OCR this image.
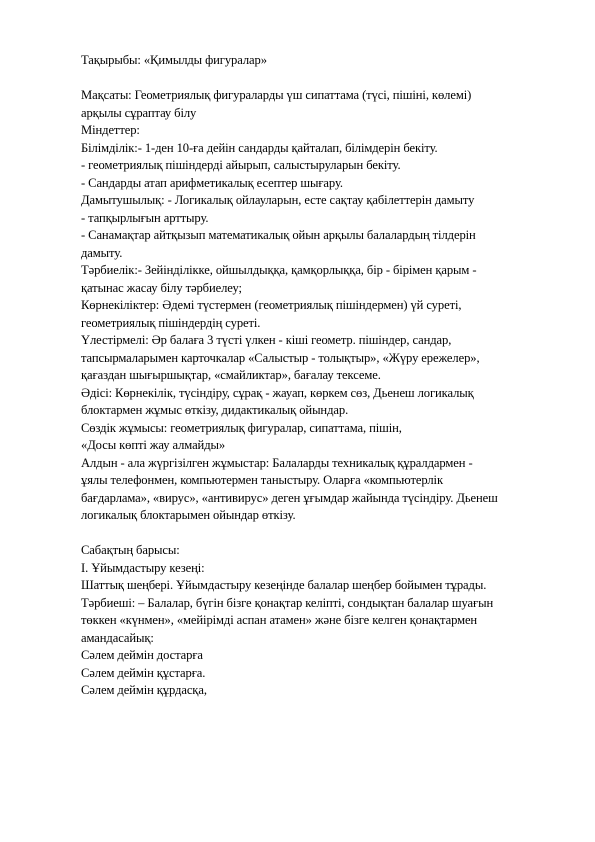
Тақырыбы: «Қимылды фигуралар»
Мақсаты: Геометриялық фигураларды үш сипаттама (түсі, пішіні, көлемі)
арқылы сұраптау білу
Міндеттер:
Білімділік:- 1-ден 10-ға дейін сандарды қайталап, білімдерін бекіту.
- геометриялық пішіндерді айырып, салыстыруларын бекіту.
- Сандарды атап арифметикалық есептер шығару.
Дамытушылық: - Логикалық ойлауларын, есте сақтау қабілеттерін дамыту
- тапқырлығын арттыру.
- Санамақтар айтқызып математикалық ойын арқылы балалардың тілдерін
дамыту.
Тәрбиелік:- Зейінділікке, ойшылдыққа, қамқорлыққа, бір - бірімен қарым -
қатынас жасау білу тәрбиелеу;
Көрнекіліктер: Әдемі түстермен (геометриялық пішіндермен) үй суреті,
геометриялық пішіндердің суреті.
Үлестірмелі: Әр балаға 3 түсті үлкен - кіші геометр. пішіндер, сандар,
тапсырмаларымен карточкалар «Салыстыр - толықтыр», «Жүру ережелер»,
қағаздан шығыршықтар, «смайликтар», бағалау тексеме.
Әдісі: Көрнекілік, түсіндіру, сұрақ - жауап, көркем сөз, Дьенеш логикалық
блоктармен жұмыс өткізу, дидактикалық ойындар.
Сөздік жұмысы: геометриялық фигуралар, сипаттама, пішін,
«Досы көпті жау алмайды»
Алдын - ала жүргізілген жұмыстар: Балаларды техникалық құралдармен -
ұялы телефонмен, компьютермен таныстыру. Оларға «компьютерлік
бағдарлама», «вирус», «антивирус» деген ұғымдар жайында түсіндіру. Дьенеш
логикалық блоктарымен ойындар өткізу.
Сабақтың барысы:
I. Ұйымдастыру кезеңі:
Шаттық шеңбері. Ұйымдастыру кезеңінде балалар шеңбер бойымен тұрады.
Тәрбиеші: – Балалар, бүгін бізге қонақтар келіпті, сондықтан балалар шуағын
төккен «күнмен», «мейірімді аспан атамен» және бізге келген қонақтармен
амандасайық:
Сәлем деймін достарға
Сәлем деймін құстарға.
Сәлем деймін құрдасқа,
